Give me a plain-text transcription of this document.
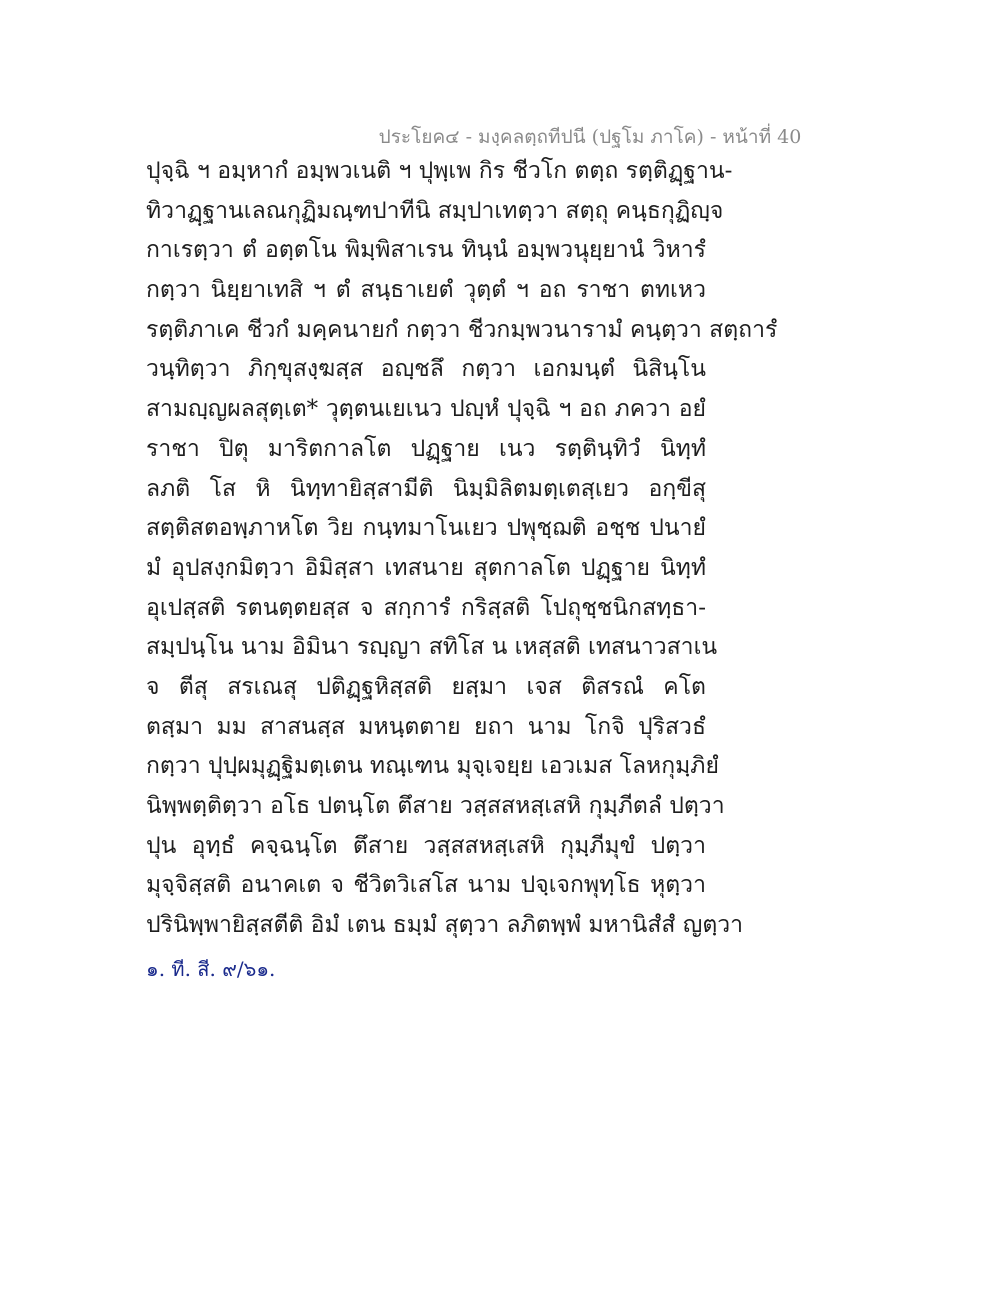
ประโยค๔ - มงฺคลตฺถทีปนี (ปฐโม ภาโค) - หน้าที่ 40
ปุจฺฉิ ฯ อมฺหากํ อมฺพวเนติ ฯ ปุพฺเพ กิร ชีวโก ตตฺถ รตฺติฏฺฐาน-
ทิวาฏฺฐานเลณกุฏิมณฺฑปาทีนิ สมฺปาเทตฺวา สตฺถุ คนฺธกุฏิญฺจ
กาเรตฺวา ตํ อตฺตโน พิมฺพิสาเรน ทินฺนํ อมฺพวนุยฺยานํ วิหารํ
กตฺวา นิยฺยาเทสิ ฯ ตํ สนฺธาเยตํ วุตฺตํ ฯ อถ ราชา ตทเหว
รตฺติภาเค ชีวกํ มคฺคนายกํ กตฺวา ชีวกมฺพวนารามํ คนฺตฺวา สตฺถารํ
วนฺทิตฺวา ภิกฺขุสงฺฆสฺส อญฺชลึ กตฺวา เอกมนฺตํ นิสินฺโน
สามญฺญผลสุตฺเต* วุตฺตนเยเนว ปญฺหํ ปุจฺฉิ ฯ อถ ภควา อยํ
ราชา ปิตุ มาริตกาลโต ปฏฺฐาย เนว รตฺตินฺทิวํ นิทฺทํ
ลภติ โส หิ นิทฺทายิสฺสามีติ นิมฺมิลิตมตฺเตสฺเยว อกฺขีสุ
สตฺติสตอพฺภาหโต วิย กนฺทมาโนเยว ปพุชฺฌติ อชฺช ปนายํ
มํ อุปสงฺกมิตฺวา อิมิสฺสา เทสนาย สุตกาลโต ปฏฺฐาย นิทฺทํ
อุเปสฺสติ รตนตฺตยสฺส จ สกฺการํ กริสฺสติ โปถุชฺชนิกสทฺธา-
สมฺปนฺโน นาม อิมินา รญฺญา สทิโส น เหสฺสติ เทสนาวสาเน
จ ตีสุ สรเณสุ ปติฏฺฐหิสฺสติ ยสฺมา เจส ติสรณํ คโต
ตสฺมา มม สาสนสฺส มหนฺตตาย ยถา นาม โกจิ ปุริสวธํ
กตฺวา ปุปฺผมุฏฺฐิมตฺเตน ทณฺเฑน มุจฺเจยฺย เอวเมส โลหกุมฺภิยํ
นิพฺพตฺติตฺวา อโธ ปตนฺโต ตึสาย วสฺสสหสฺเสหิ กุมฺภีตลํ ปตฺวา
ปุน อุทฺธํ คจฺฉนฺโต ตึสาย วสฺสสหสฺเสหิ กุมฺภีมุขํ ปตฺวา
มุจฺจิสฺสติ อนาคเต จ ชีวิตวิเสโส นาม ปจฺเจกพุทฺโธ หุตฺวา
ปรินิพฺพายิสฺสตีติ อิมํ เตน ธมฺมํ สุตฺวา ลภิตพฺพํ มหานิสํสํ ญตฺวา
๑. ที. สี. ๙/๖๑.
